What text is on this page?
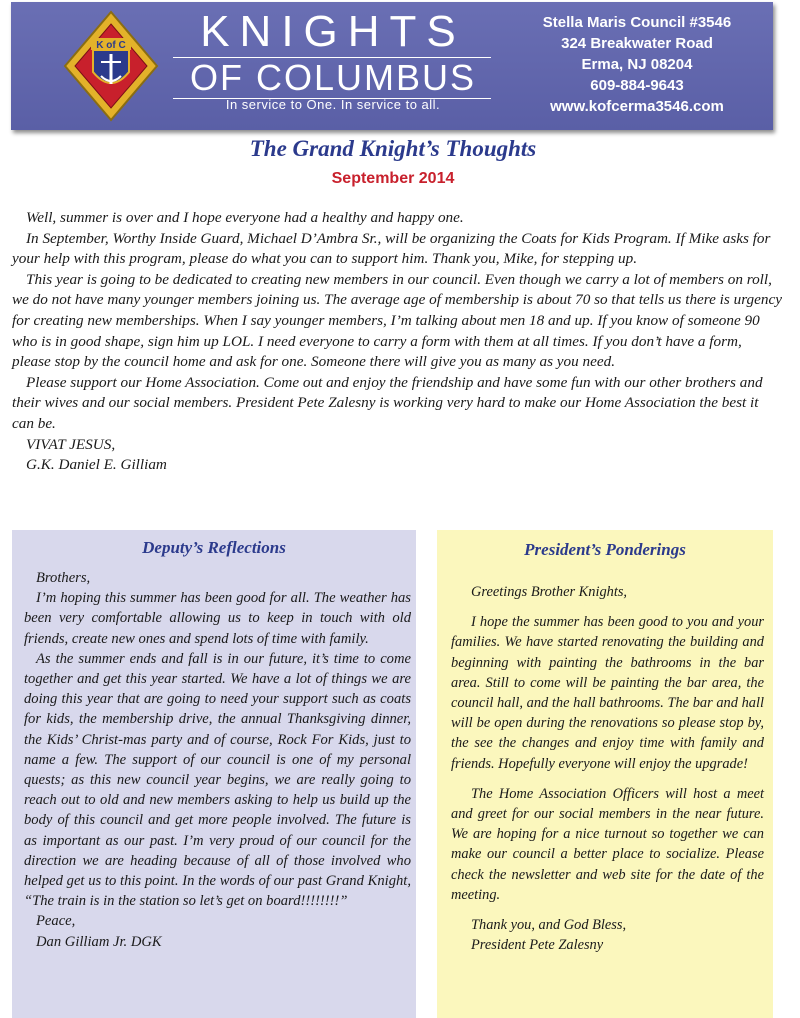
K of C	KNIGHTS
OF COLUMBUS
In service to One. In service to all.
Stella Maris Council #3546
324 Breakwater Road
Erma, NJ 08204
609-884-9643
www.kofcerma3546.com
The Grand Knight’s Thoughts
September 2014

Well, summer is over and I hope everyone had a healthy and happy one.

In September, Worthy Inside Guard, Michael D’Ambra Sr., will be organizing the Coats for Kids Program. If Mike asks for your help with this program, please do what you can to support him. Thank you, Mike, for stepping up.

This year is going to be dedicated to creating new members in our council. Even though we carry a lot of members on roll, we do not have many younger members joining us. The average age of membership is about 70 so that tells us there is urgency for creating new memberships. When I say younger members, I’m talking about men 18 and up. If you know of someone 90 who is in good shape, sign him up LOL. I need everyone to carry a form with them at all times. If you don’t have a form, please stop by the council home and ask for one. Someone there will give you as many as you need.

Please support our Home Association. Come out and enjoy the friendship and have some fun with our other brothers and their wives and our social members. President Pete Zalesny is working very hard to make our Home Association the best it can be.

VIVAT JESUS,

G.K. Daniel E. Gilliam

Deputy’s Reflections

Brothers,

I’m hoping this summer has been good for all. The weather has been very comfortable allowing us to keep in touch with old friends, create new ones and spend lots of time with family.

As the summer ends and fall is in our future, it’s time to come together and get this year started. We have a lot of things we are doing this year that are going to need your support such as coats for kids, the membership drive, the annual Thanksgiving dinner, the Kids’ Christ-mas party and of course, Rock For Kids, just to name a few. The support of our council is one of my personal quests; as this new council year begins, we are really going to reach out to old and new members asking to help us build up the body of this council and get more people involved. The future is as important as our past. I’m very proud of our council for the direction we are heading because of all of those involved who helped get us to this point. In the words of our past Grand Knight, “The train is in the station so let’s get on board!!!!!!!!”

Peace,

Dan Gilliam Jr. DGK

President’s Ponderings

Greetings Brother Knights,

I hope the summer has been good to you and your families. We have started renovating the building and beginning with painting the bathrooms in the bar area. Still to come will be painting the bar area, the council hall, and the hall bathrooms. The bar and hall will be open during the renovations so please stop by, the see the changes and enjoy time with family and friends. Hopefully everyone will enjoy the upgrade!

The Home Association Officers will host a meet and greet for our social members in the near future. We are hoping for a nice turnout so together we can make our council a better place to socialize. Please check the newsletter and web site for the date of the meeting.

Thank you, and God Bless,

President Pete Zalesny
